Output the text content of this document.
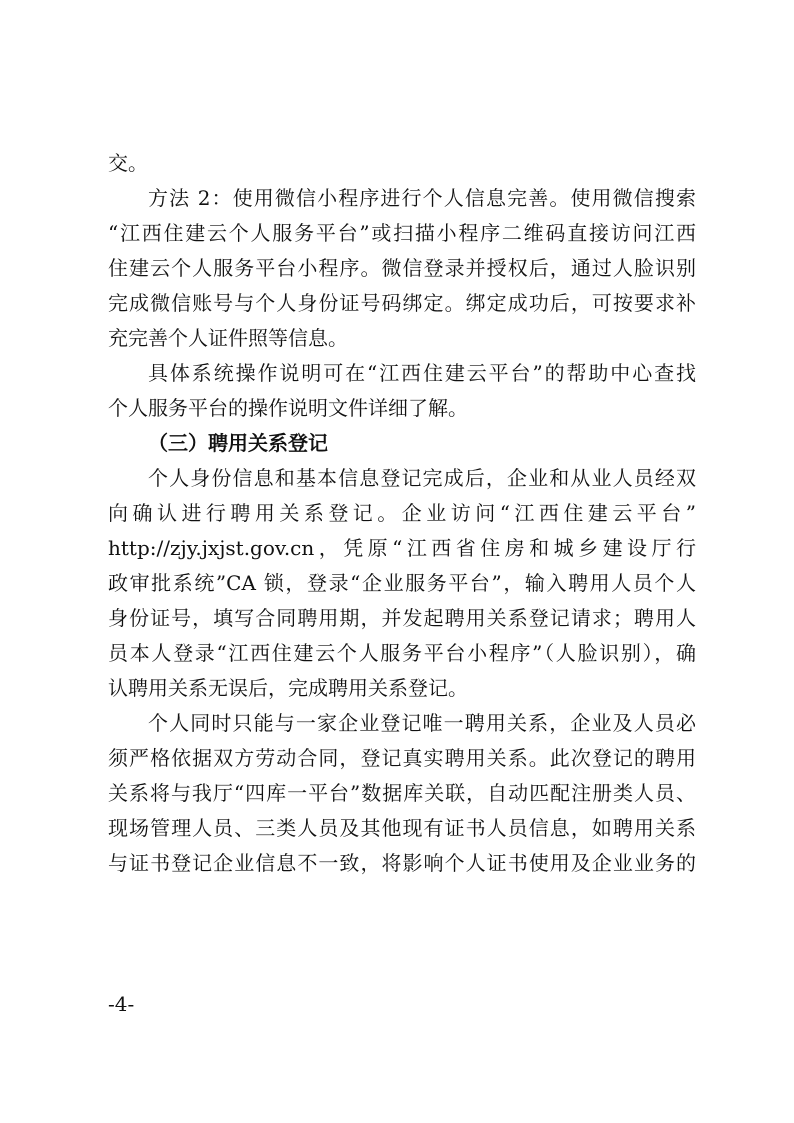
交。
方法 2：使用微信小程序进行个人信息完善。使用微信搜索
“江西住建云个人服务平台”或扫描小程序二维码直接访问江西
住建云个人服务平台小程序。微信登录并授权后，通过人脸识别
完成微信账号与个人身份证号码绑定。绑定成功后，可按要求补
充完善个人证件照等信息。
具体系统操作说明可在“江西住建云平台”的帮助中心查找
个人服务平台的操作说明文件详细了解。
（三）聘用关系登记
个人身份信息和基本信息登记完成后，企业和从业人员经双
向确认进行聘用关系登记。企业访问“江西住建云平台”
http://zjy.jxjst.gov.cn，凭原“江西省住房和城乡建设厅行
政审批系统”CA 锁，登录“企业服务平台”，输入聘用人员个人
身份证号，填写合同聘用期，并发起聘用关系登记请求；聘用人
员本人登录“江西住建云个人服务平台小程序”（人脸识别），确
认聘用关系无误后，完成聘用关系登记。
个人同时只能与一家企业登记唯一聘用关系，企业及人员必
须严格依据双方劳动合同，登记真实聘用关系。此次登记的聘用
关系将与我厅“四库一平台”数据库关联，自动匹配注册类人员、
现场管理人员、三类人员及其他现有证书人员信息，如聘用关系
与证书登记企业信息不一致，将影响个人证书使用及企业业务的
-4-
